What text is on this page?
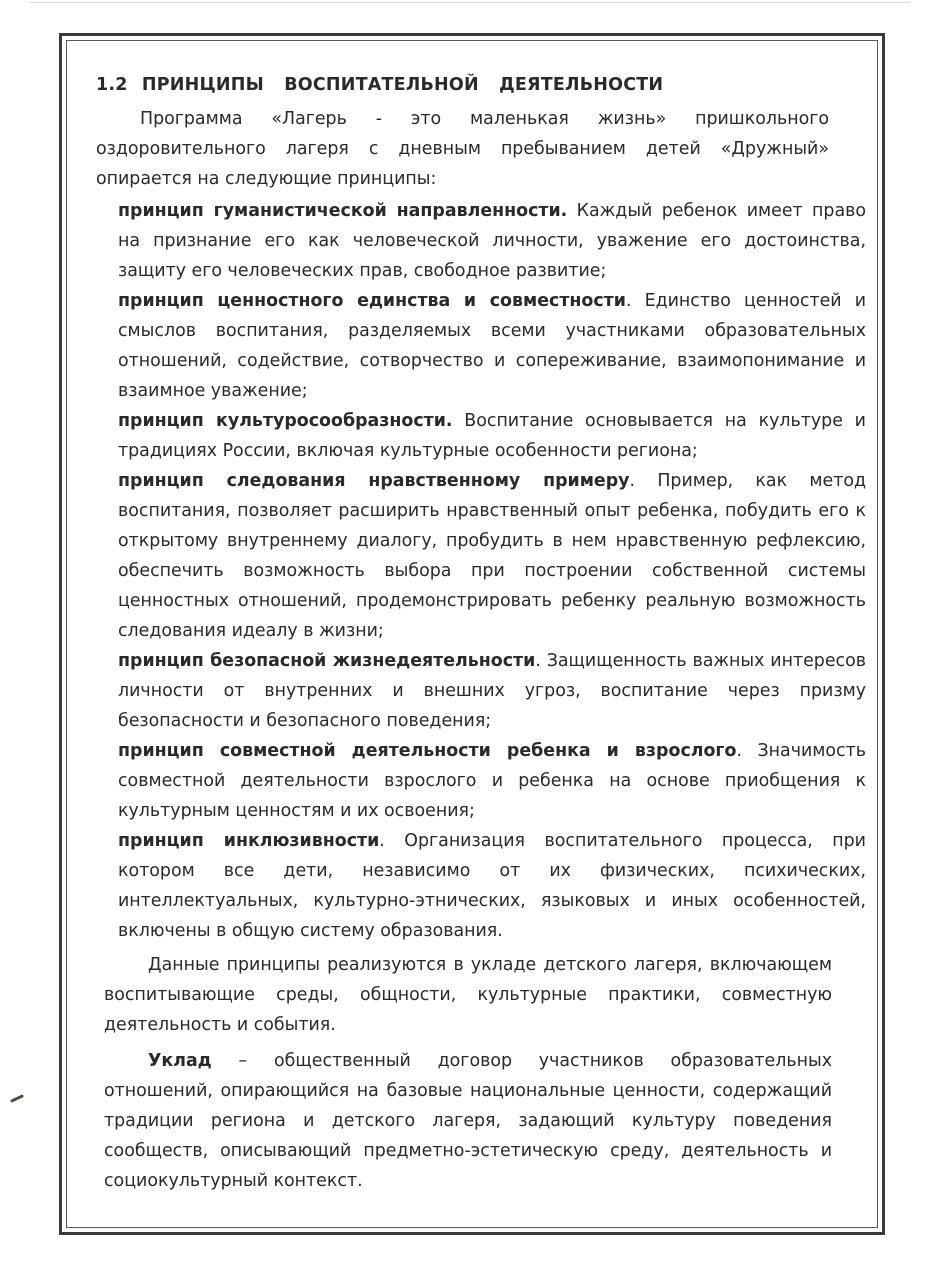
1.2 ПРИНЦИПЫ ВОСПИТАТЕЛЬНОЙ ДЕЯТЕЛЬНОСТИ

Программа «Лагерь - это маленькая жизнь» пришкольного оздоровительного лагеря с дневным пребыванием детей «Дружный» опирается на следующие принципы:

принцип гуманистической направленности. Каждый ребенок имеет право на признание его как человеческой личности, уважение его достоинства, защиту его человеческих прав, свободное развитие;

принцип ценностного единства и совместности. Единство ценностей и смыслов воспитания, разделяемых всеми участниками образовательных отношений, содействие, сотворчество и сопереживание, взаимопонимание и взаимное уважение;

принцип культуросообразности. Воспитание основывается на культуре и традициях России, включая культурные особенности региона;

принцип следования нравственному примеру. Пример, как метод воспитания, позволяет расширить нравственный опыт ребенка, побудить его к открытому внутреннему диалогу, пробудить в нем нравственную рефлексию, обеспечить возможность выбора при построении собственной системы ценностных отношений, продемонстрировать ребенку реальную возможность следования идеалу в жизни;

принцип безопасной жизнедеятельности. Защищенность важных интересов личности от внутренних и внешних угроз, воспитание через призму безопасности и безопасного поведения;

принцип совместной деятельности ребенка и взрослого. Значимость совместной деятельности взрослого и ребенка на основе приобщения к культурным ценностям и их освоения;

принцип инклюзивности. Организация воспитательного процесса, при котором все дети, независимо от их физических, психических, интеллектуальных, культурно-этнических, языковых и иных особенностей, включены в общую систему образования.

Данные принципы реализуются в укладе детского лагеря, включающем воспитывающие среды, общности, культурные практики, совместную деятельность и события.

Уклад – общественный договор участников образовательных отношений, опирающийся на базовые национальные ценности, содержащий традиции региона и детского лагеря, задающий культуру поведения сообществ, описывающий предметно-эстетическую среду, деятельность и социокультурный контекст.
